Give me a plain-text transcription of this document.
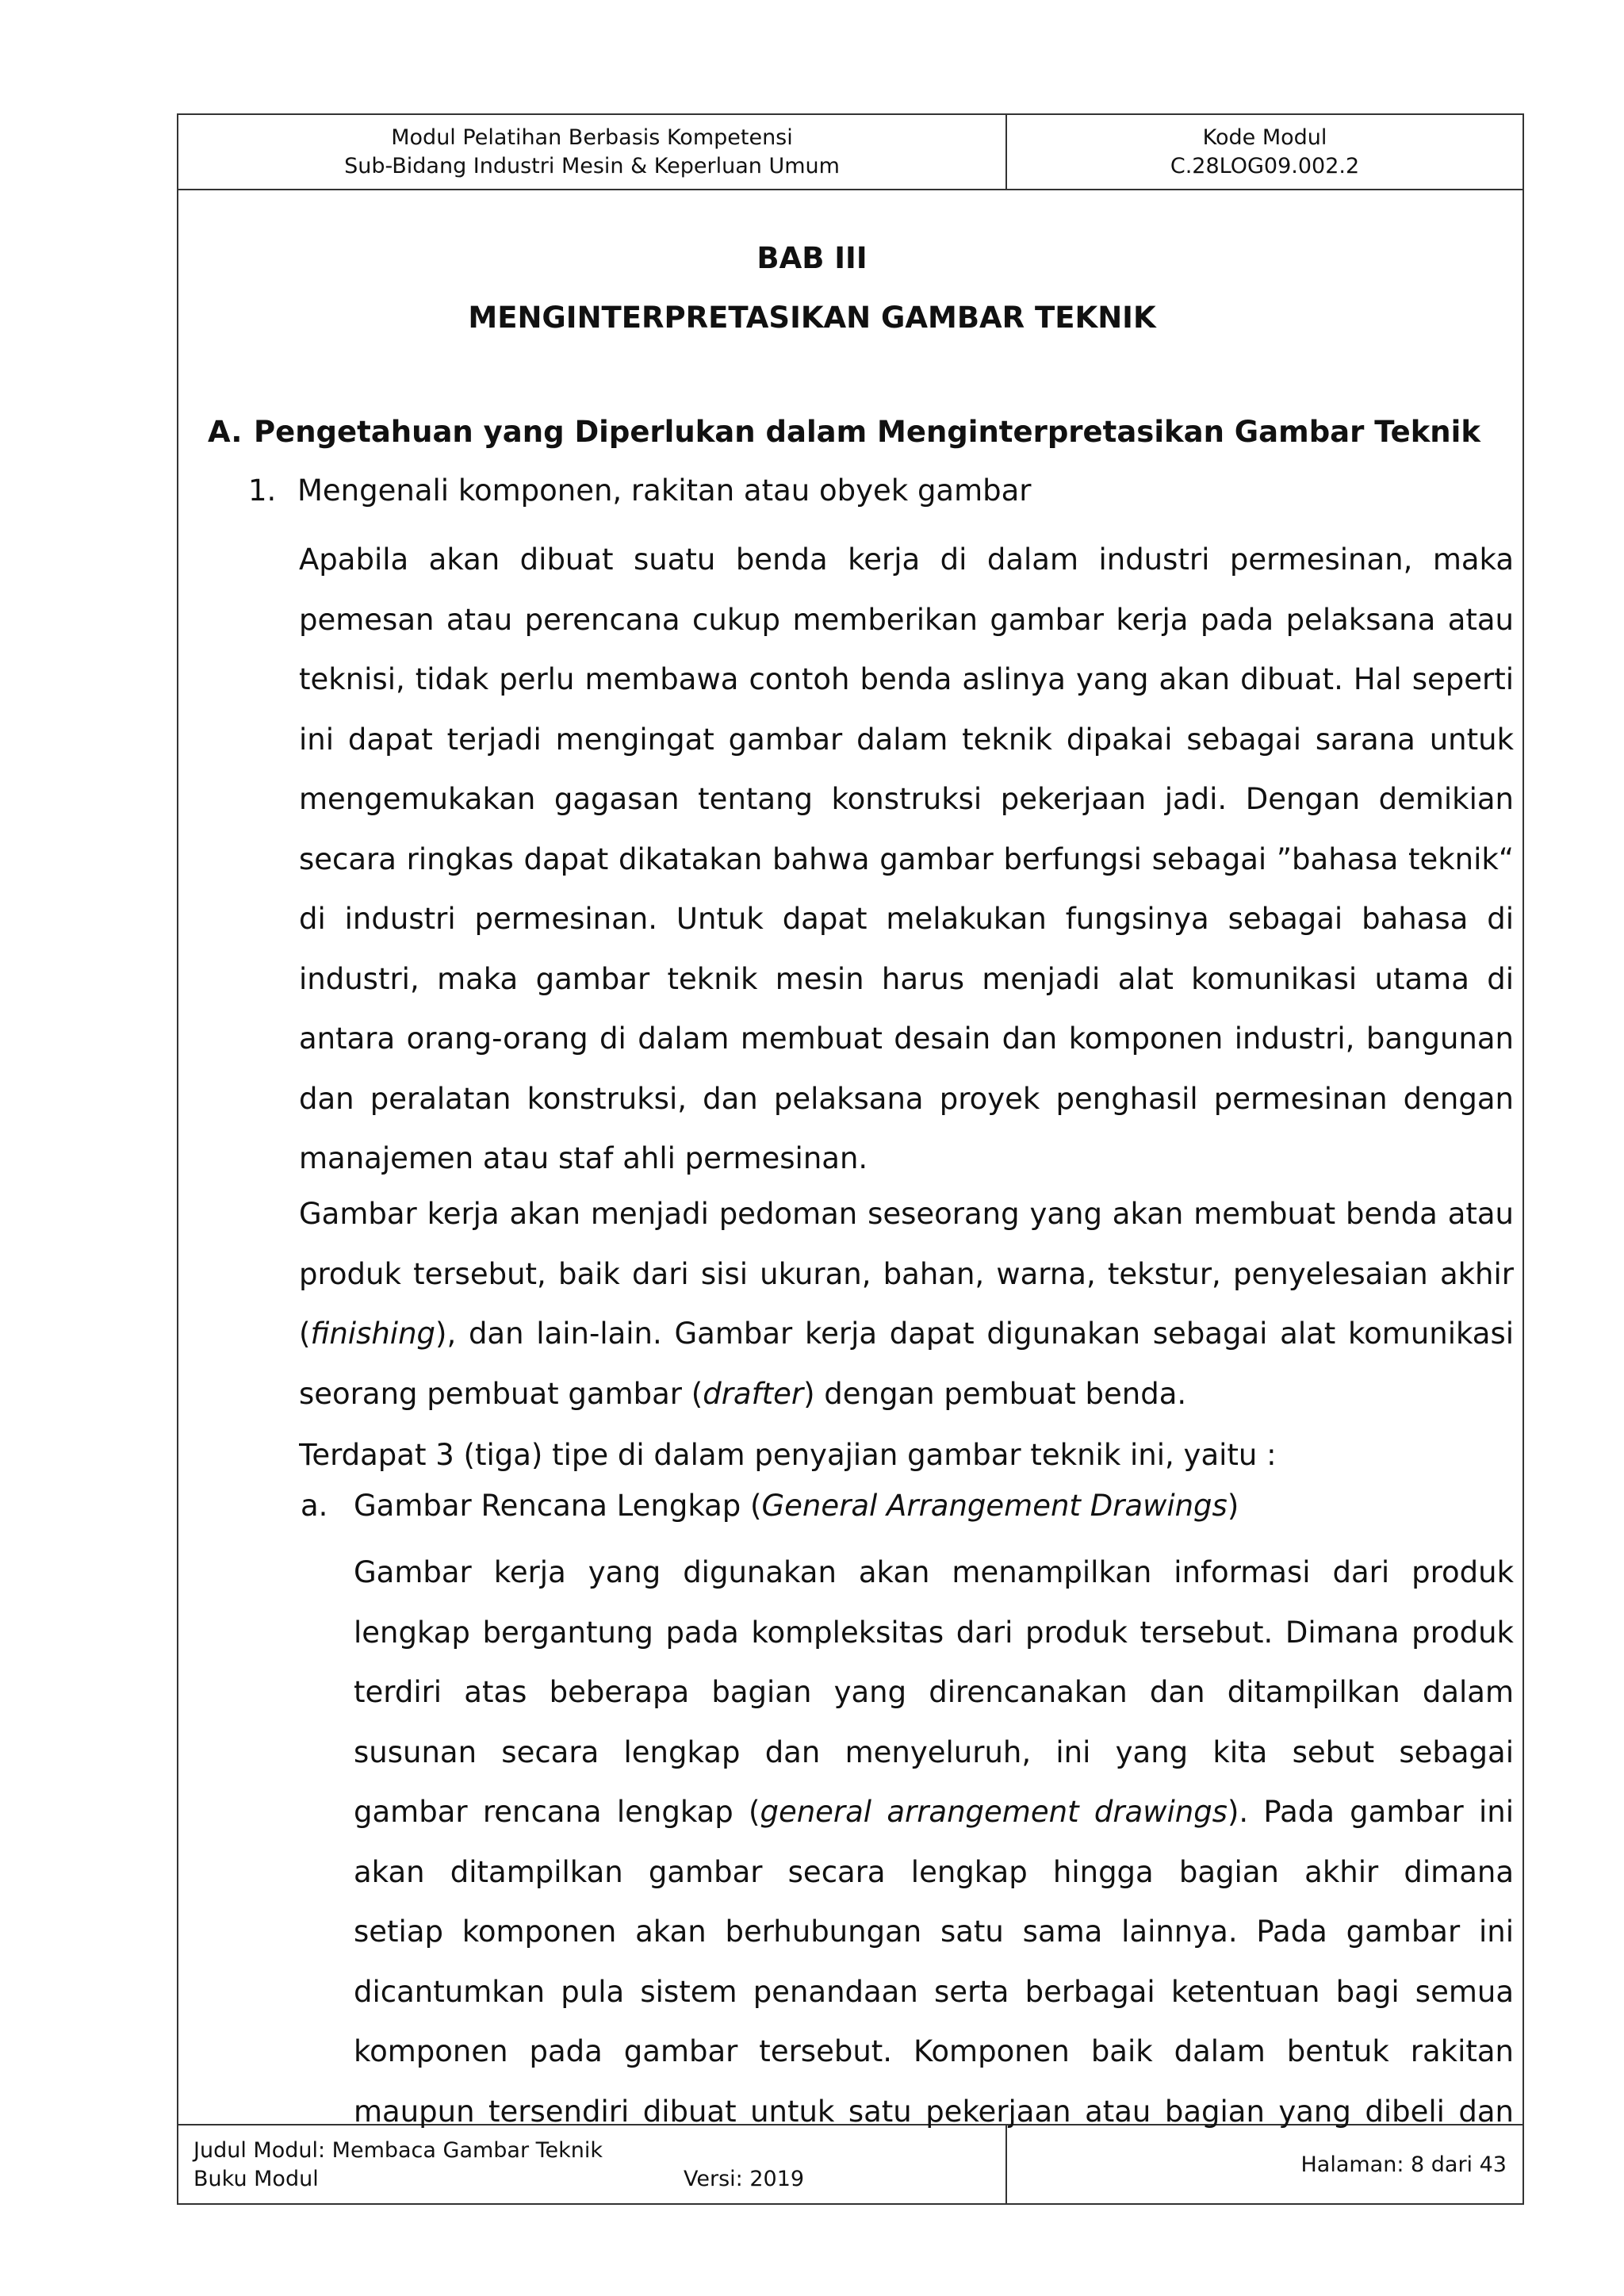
Modul Pelatihan Berbasis Kompetensi
Sub-Bidang Industri Mesin & Keperluan Umum
Kode Modul
C.28LOG09.002.2
Judul Modul: Membaca Gambar Teknik
Buku Modul	Versi: 2019
Halaman: 8 dari 43
BAB III
MENGINTERPRETASIKAN GAMBAR TEKNIK
A. Pengetahuan yang Diperlukan dalam Menginterpretasikan Gambar Teknik
1. Mengenali komponen, rakitan atau obyek gambar
Apabila akan dibuat suatu benda kerja di dalam industri permesinan, maka
pemesan atau perencana cukup memberikan gambar kerja pada pelaksana atau
teknisi, tidak perlu membawa contoh benda aslinya yang akan dibuat. Hal seperti
ini dapat terjadi mengingat gambar dalam teknik dipakai sebagai sarana untuk
mengemukakan gagasan tentang konstruksi pekerjaan jadi. Dengan demikian
secara ringkas dapat dikatakan bahwa gambar berfungsi sebagai ”bahasa teknik“
di industri permesinan. Untuk dapat melakukan fungsinya sebagai bahasa di
industri, maka gambar teknik mesin harus menjadi alat komunikasi utama di
antara orang-orang di dalam membuat desain dan komponen industri, bangunan
dan peralatan konstruksi, dan pelaksana proyek penghasil permesinan dengan
manajemen atau staf ahli permesinan.
Gambar kerja akan menjadi pedoman seseorang yang akan membuat benda atau
produk tersebut, baik dari sisi ukuran, bahan, warna, tekstur, penyelesaian akhir
(finishing), dan lain-lain. Gambar kerja dapat digunakan sebagai alat komunikasi
seorang pembuat gambar (drafter) dengan pembuat benda.
Terdapat 3 (tiga) tipe di dalam penyajian gambar teknik ini, yaitu :
a. Gambar Rencana Lengkap (General Arrangement Drawings)
Gambar kerja yang digunakan akan menampilkan informasi dari produk
lengkap bergantung pada kompleksitas dari produk tersebut. Dimana produk
terdiri atas beberapa bagian yang direncanakan dan ditampilkan dalam
susunan secara lengkap dan menyeluruh, ini yang kita sebut sebagai
gambar rencana lengkap (general arrangement drawings). Pada gambar ini
akan ditampilkan gambar secara lengkap hingga bagian akhir dimana
setiap komponen akan berhubungan satu sama lainnya. Pada gambar ini
dicantumkan pula sistem penandaan serta berbagai ketentuan bagi semua
komponen pada gambar tersebut. Komponen baik dalam bentuk rakitan
maupun tersendiri dibuat untuk satu pekerjaan atau bagian yang dibeli dan
